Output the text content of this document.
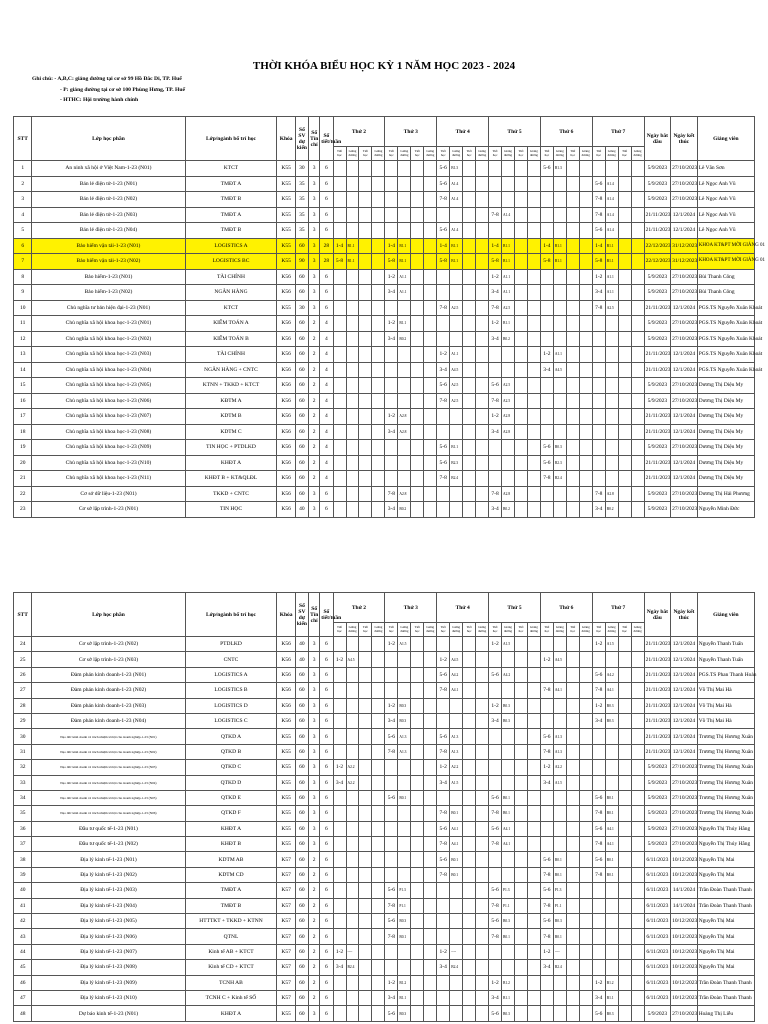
THỜI KHÓA BIỂU HỌC KỲ 1 NĂM HỌC 2023 - 2024
Ghi chú: - A,B,C: giảng đường tại cơ sở 99 Hồ Đắc Di, TP. Huế
- P: giảng đường tại cơ sở 100 Phùng Hưng, TP. Huế
- HTHC: Hội trường hành chính
STT	Lớp học phần	Lớp/ngành bố trí học	Khóa	Số SV dự kiến	Số Tín chỉ	Số tiết/tuần	Thứ 2				Thứ 3				Thứ 4				Thứ 5				Thứ 6				Thứ 7				Ngày bắt đầu	Ngày kết thúc	Giảng viên
							Tiết học	Giảng đường	Tiết học	Giảng đường	Tiết học	Giảng đường	Tiết học	Giảng đường	Tiết học	Giảng đường	Tiết học	Giảng đường	Tiết học	Giảng đường	Tiết học	Giảng đường	Tiết học	Giảng đường	Tiết học	Giảng đường	Tiết học	Giảng đường	Tiết học	Giảng đường			
1	An ninh xã hội ở Việt Nam-1-23 (N01)	KTCT	K55	30	3	6									5-6	B1.3							5-6	B1.3							5/9/2023	27/10/2023	Lê Văn Sơn
2	Bán lẻ điện tử-1-23 (N01)	TMĐT A	K55	35	3	6									5-6	A1.4											5-6	A1.4			5/9/2023	27/10/2023	Lê Ngọc Anh Vũ
3	Bán lẻ điện tử-1-23 (N02)	TMĐT B	K55	35	3	6									7-8	A1.4											7-8	A1.4			5/9/2023	27/10/2023	Lê Ngọc Anh Vũ
4	Bán lẻ điện tử-1-23 (N03)	TMĐT A	K55	35	3	6													7-8	A1.4							7-8	A1.4			21/11/2023	12/1/2024	Lê Ngọc Anh Vũ
5	Bán lẻ điện tử-1-23 (N04)	TMĐT B	K55	35	3	6									5-6	A1.4											5-6	A1.4			21/11/2023	12/1/2024	Lê Ngọc Anh Vũ
6	Bảo hiểm vận tải-1-23 (N01)	LOGISTICS A	K55	60	3	28	1-4	B1.1			1-4	B1.1			1-4	B1.1			1-4	B1.1			1-4	B1.1			1-4	B1.1			22/12/2023	31/12/2023	KHOA KT&PT MỜI GIẢNG 01
7	Bảo hiểm vận tải-1-23 (N02)	LOGISTICS BC	K55	90	3	28	5-8	B1.1			5-8	B1.1			5-8	B1.1			5-8	B1.1			5-8	B1.1			5-8	B1.1			22/12/2023	31/12/2023	KHOA KT&PT MỜI GIẢNG 01
8	Bảo hiểm-1-23 (N01)	TÀI CHÍNH	K56	60	3	6					1-2	A1.1							1-2	A1.1							1-2	A1.1			5/9/2023	27/10/2023	Bùi Thanh Công
9	Bảo hiểm-1-23 (N02)	NGÂN HÀNG	K56	60	3	6					3-4	A1.1							3-4	A1.1							3-4	A1.1			5/9/2023	27/10/2023	Bùi Thanh Công
10	Chủ nghĩa tư bản hiện đại-1-23 (N01)	KTCT	K55	30	3	6									7-8	A2.5			7-8	A2.5							7-8	A2.5			21/11/2023	12/1/2024	PGS.TS Nguyễn Xuân Khoát
11	Chủ nghĩa xã hội khoa học-1-23 (N01)	KIỂM TOÁN A	K56	60	2	4					1-2	B1.1							1-2	B1.1											5/9/2023	27/10/2023	PGS.TS Nguyễn Xuân Khoát
12	Chủ nghĩa xã hội khoa học-1-23 (N02)	KIỂM TOÁN B	K56	60	2	4					3-4	B0.2							3-4	B0.2											5/9/2023	27/10/2023	PGS.TS Nguyễn Xuân Khoát
13	Chủ nghĩa xã hội khoa học-1-23 (N03)	TÀI CHÍNH	K56	60	2	4									1-2	A1.1							1-2	A1.1							21/11/2023	12/1/2024	PGS.TS Nguyễn Xuân Khoát
14	Chủ nghĩa xã hội khoa học-1-23 (N04)	NGÂN HÀNG + CNTC	K56	60	2	4									3-4	A4.5							3-4	A4.5							21/11/2023	12/1/2024	PGS.TS Nguyễn Xuân Khoát
15	Chủ nghĩa xã hội khoa học-1-23 (N05)	KTNN + TKKD + KTCT	K56	60	2	4									5-6	A2.5			5-6	A2.5											5/9/2023	27/10/2023	Dương Thị Diệu My
16	Chủ nghĩa xã hội khoa học-1-23 (N06)	KĐTM A	K56	60	2	4									7-8	A2.5			7-8	A2.5											5/9/2023	27/10/2023	Dương Thị Diệu My
17	Chủ nghĩa xã hội khoa học-1-23 (N07)	KDTM B	K56	60	2	4					1-2	A2.8							1-2	A2.8											21/11/2023	12/1/2024	Dương Thị Diệu My
18	Chủ nghĩa xã hội khoa học-1-23 (N08)	KDTM C	K56	60	2	4					3-4	A2.8							3-4	A2.8											21/11/2023	12/1/2024	Dương Thị Diệu My
19	Chủ nghĩa xã hội khoa học-1-23 (N09)	TIN HỌC + PTDLKD	K56	60	2	4									5-6	B1.1							5-6	B0.3							5/9/2023	27/10/2023	Dương Thị Diệu My
20	Chủ nghĩa xã hội khoa học-1-23 (N10)	KHĐT A	K56	60	2	4									5-6	B2.3							5-6	B2.3							21/11/2023	12/1/2024	Dương Thị Diệu My
21	Chủ nghĩa xã hội khoa học-1-23 (N11)	KHĐT B + KT&QLĐL	K56	60	2	4									7-8	B2.4							7-8	B2.4							21/11/2023	12/1/2024	Dương Thị Diệu My
22	Cơ sở dữ liệu-1-23 (N01)	TKKD + CNTC	K56	60	3	6					7-8	A2.8							7-8	A2.8							7-8	A2.8			5/9/2023	27/10/2023	Dương Thị Hải Phương
23	Cơ sở lập trình-1-23 (N01)	TIN HỌC	K56	40	3	6					3-4	B0.2							3-4	B0.2							3-4	B0.2			5/9/2023	27/10/2023	Nguyễn Minh Đức
STT	Lớp học phần	Lớp/ngành bố trí học	Khóa	Số SV dự kiến	Số Tín chỉ	Số tiết/tuần	Thứ 2				Thứ 3				Thứ 4				Thứ 5				Thứ 6				Thứ 7				Ngày bắt đầu	Ngày kết thúc	Giảng viên
							Tiết học	Giảng đường	Tiết học	Giảng đường	Tiết học	Giảng đường	Tiết học	Giảng đường	Tiết học	Giảng đường	Tiết học	Giảng đường	Tiết học	Giảng đường	Tiết học	Giảng đường	Tiết học	Giảng đường	Tiết học	Giảng đường	Tiết học	Giảng đường	Tiết học	Giảng đường			
24	Cơ sở lập trình-1-23 (N02)	PTDLKD	K56	40	3	6					1-2	A1.5							1-2	A1.5							1-2	A1.5			21/11/2023	12/1/2024	Nguyễn Thanh Tuấn
25	Cơ sở lập trình-1-23 (N03)	CNTC	K56	40	3	6	1-2	A4.5							1-2	A4.5							1-2	A4.5							21/11/2023	12/1/2024	Nguyễn Thanh Tuấn
26	Đàm phán kinh doanh-1-23 (N01)	LOGISTICS A	K56	60	3	6									5-6	A4.2			5-6	A4.2							5-6	A4.2			21/11/2023	12/1/2024	PGS.TS Phan Thanh Hoàn
27	Đàm phán kinh doanh-1-23 (N02)	LOGISTICS B	K56	60	3	6									7-8	A4.1							7-8	A4.1			7-8	A4.1			21/11/2023	12/1/2024	Võ Thị Mai Hà
28	Đàm phán kinh doanh-1-23 (N03)	LOGISTICS D	K56	60	3	6					1-2	B0.3							1-2	B0.3							1-2	B0.3			21/11/2023	12/1/2024	Võ Thị Mai Hà
29	Đàm phán kinh doanh-1-23 (N04)	LOGISTICS C	K56	60	3	6					3-4	B0.3							3-4	B0.3							3-4	B0.3			21/11/2023	12/1/2024	Võ Thị Mai Hà
30	Đạo đức kinh doanh và trách nhiệm xã hội của doanh nghiệp-1-23 (N01)	QTKD A	K55	60	3	6					5-6	A1.3			5-6	A1.3							5-6	A1.3							21/11/2023	12/1/2024	Trương Thị Hương Xuân
31	Đạo đức kinh doanh và trách nhiệm xã hội của doanh nghiệp-1-23 (N02)	QTKD B	K55	60	3	6					7-8	A1.3			7-8	A1.3							7-8	A1.3							21/11/2023	12/1/2024	Trương Thị Hương Xuân
32	Đạo đức kinh doanh và trách nhiệm xã hội của doanh nghiệp-1-23 (N03)	QTKD C	K55	60	3	6	1-2	A2.2							1-2	A2.2							1-2	A2.2							5/9/2023	27/10/2023	Trương Thị Hương Xuân
33	Đạo đức kinh doanh và trách nhiệm xã hội của doanh nghiệp-1-23 (N04)	QTKD D	K55	60	3	6	3-4	A2.2							3-4	A1.5							3-4	A1.5							5/9/2023	27/10/2023	Trương Thị Hương Xuân
34	Đạo đức kinh doanh và trách nhiệm xã hội của doanh nghiệp-1-23 (N05)	QTKD E	K55	60	3	6					5-6	B0.1							5-6	B0.1							5-6	B0.1			5/9/2023	27/10/2023	Trương Thị Hương Xuân
35	Đạo đức kinh doanh và trách nhiệm xã hội của doanh nghiệp-1-23 (N06)	QTKD F	K55	60	3	6									7-8	B0.1			7-8	B0.1							7-8	B0.1			5/9/2023	27/10/2023	Trương Thị Hương Xuân
36	Đầu tư quốc tế-1-23 (N01)	KHĐT A	K55	60	3	6									5-6	A4.1			5-6	A4.1							5-6	A4.1			5/9/2023	27/10/2023	Nguyễn Thị Thúy Hằng
37	Đầu tư quốc tế-1-23 (N02)	KHĐT B	K55	60	3	6									7-8	A4.1			7-8	A4.1							7-8	A4.1			5/9/2023	27/10/2023	Nguyễn Thị Thúy Hằng
38	Địa lý kinh tế-1-23 (N01)	KDTM AB	K57	60	2	6									5-6	B0.1							5-6	B0.1			5-6	B0.1			6/11/2023	10/12/2023	Nguyễn Thị Mai
39	Địa lý kinh tế-1-23 (N02)	KDTM CD	K57	60	2	6									7-8	B0.1							7-8	B0.1			7-8	B0.1			6/11/2023	10/12/2023	Nguyễn Thị Mai
40	Địa lý kinh tế-1-23 (N03)	TMĐT A	K57	60	2	6					5-6	P1.3							5-6	P1.3			5-6	P1.3							6/11/2023	14/1/2024	Trần Đoàn Thanh Thanh
41	Địa lý kinh tế-1-23 (N04)	TMĐT B	K57	60	2	6					7-8	P1.1							7-8	P1.1			7-8	P1.1							6/11/2023	14/1/2024	Trần Đoàn Thanh Thanh
42	Địa lý kinh tế-1-23 (N05)	HTTTKT + TKKD + KTNN	K57	60	2	6					5-6	B0.3							5-6	B0.3			5-6	B0.3							6/11/2023	10/12/2023	Nguyễn Thị Mai
43	Địa lý kinh tế-1-23 (N06)	QTNL	K57	60	2	6					7-8	B0.1							7-8	B0.1			7-8	B0.1							6/11/2023	10/12/2023	Nguyễn Thị Mai
44	Địa lý kinh tế-1-23 (N07)	Kinh tế AB + KTCT	K57	60	2	6	1-2	----							1-2	----							1-2	----							6/11/2023	10/12/2023	Nguyễn Thị Mai
45	Địa lý kinh tế-1-23 (N08)	Kinh tế CD + KTCT	K57	60	2	6	3-4	B2.4							3-4	B2.4							3-4	B2.4							6/11/2023	10/12/2023	Nguyễn Thị Mai
46	Địa lý kinh tế-1-23 (N09)	TCNH AB	K57	60	2	6					1-2	B1.2							1-2	B1.2							1-2	B1.2			6/11/2023	10/12/2023	Trần Đoàn Thanh Thanh
47	Địa lý kinh tế-1-23 (N10)	TCNH C + Kinh tế SỐ	K57	60	2	6					3-4	B1.1							3-4	B1.1							3-4	B1.1			6/11/2023	10/12/2023	Trần Đoàn Thanh Thanh
48	Dự báo kinh tế-1-23 (N01)	KHĐT A	K55	60	3	6					5-6	B0.3							5-6	B0.3							5-6	B0.3			5/9/2023	27/10/2023	Hoàng Thị Liễu
